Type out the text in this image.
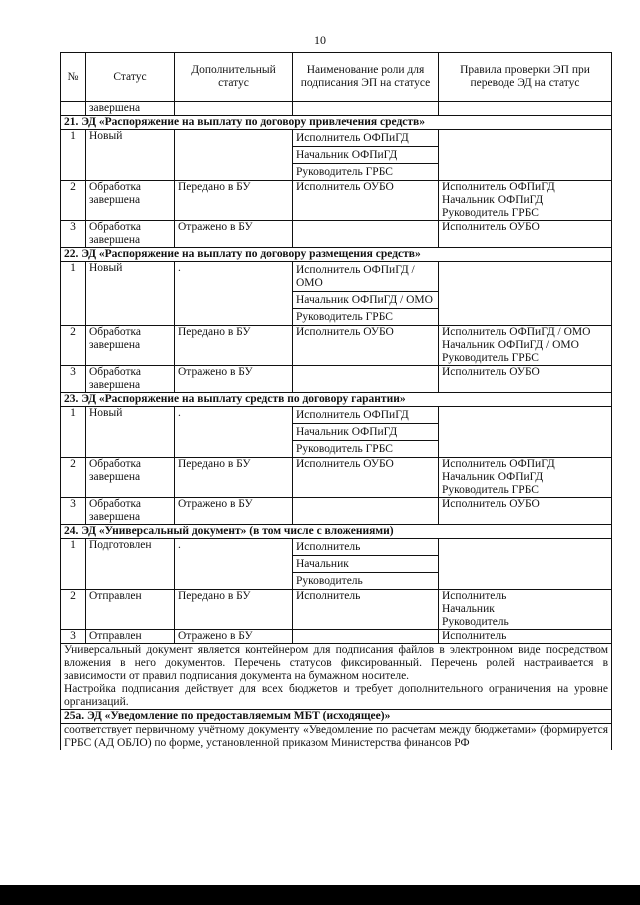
10
№	Статус	Дополнительный статус	Наименование роли для подписания ЭП на статусе	Правила проверки ЭП при переводе ЭД на статус
	завершена			
21. ЭД «Распоряжение на выплату по договору привлечения средств»				
1	Новый		Исполнитель ОФПиГД
Начальник ОФПиГД
Руководитель ГРБС	

2	Обработка завершена	Передано в БУ	Исполнитель ОУБО	Исполнитель ОФПиГД
Начальник ОФПиГД
Руководитель ГРБС

3	Обработка завершена	Отражено в БУ		Исполнитель ОУБО
22. ЭД «Распоряжение на выплату по договору размещения средств»				
1	Новый	.	Исполнитель ОФПиГД / ОМО
Начальник ОФПиГД / ОМО
Руководитель ГРБС	

2	Обработка завершена	Передано в БУ	Исполнитель ОУБО	Исполнитель ОФПиГД / ОМО
Начальник ОФПиГД / ОМО
Руководитель ГРБС

3	Обработка завершена	Отражено в БУ		Исполнитель ОУБО
23. ЭД «Распоряжение на выплату средств по договору гарантии»				
1	Новый	.	Исполнитель ОФПиГД
Начальник ОФПиГД
Руководитель ГРБС	

2	Обработка завершена	Передано в БУ	Исполнитель ОУБО	Исполнитель ОФПиГД
Начальник ОФПиГД
Руководитель ГРБС

3	Обработка завершена	Отражено в БУ		Исполнитель ОУБО
24. ЭД «Универсальный документ» (в том числе с вложениями)				
1	Подготовлен	.	Исполнитель
Начальник
Руководитель	

2	Отправлен	Передано в БУ	Исполнитель	Исполнитель
Начальник
Руководитель

3	Отправлен	Отражено в БУ		Исполнитель

Универсальный документ является контейнером для подписания файлов в электронном виде посредством вложения в него документов. Перечень статусов фиксированный. Перечень ролей настраивается в зависимости от правил подписания документа на бумажном носителе.
Настройка подписания действует для всех бюджетов и требует дополнительного ограничения на уровне организаций.				

25а. ЭД «Уведомление по предоставляемым МБТ (исходящее)»				
соответствует первичному учётному документу «Уведомление по расчетам между бюджетами» (формируется ГРБС (АД ОБЛО) по форме, установленной приказом Министерства финансов РФ				
